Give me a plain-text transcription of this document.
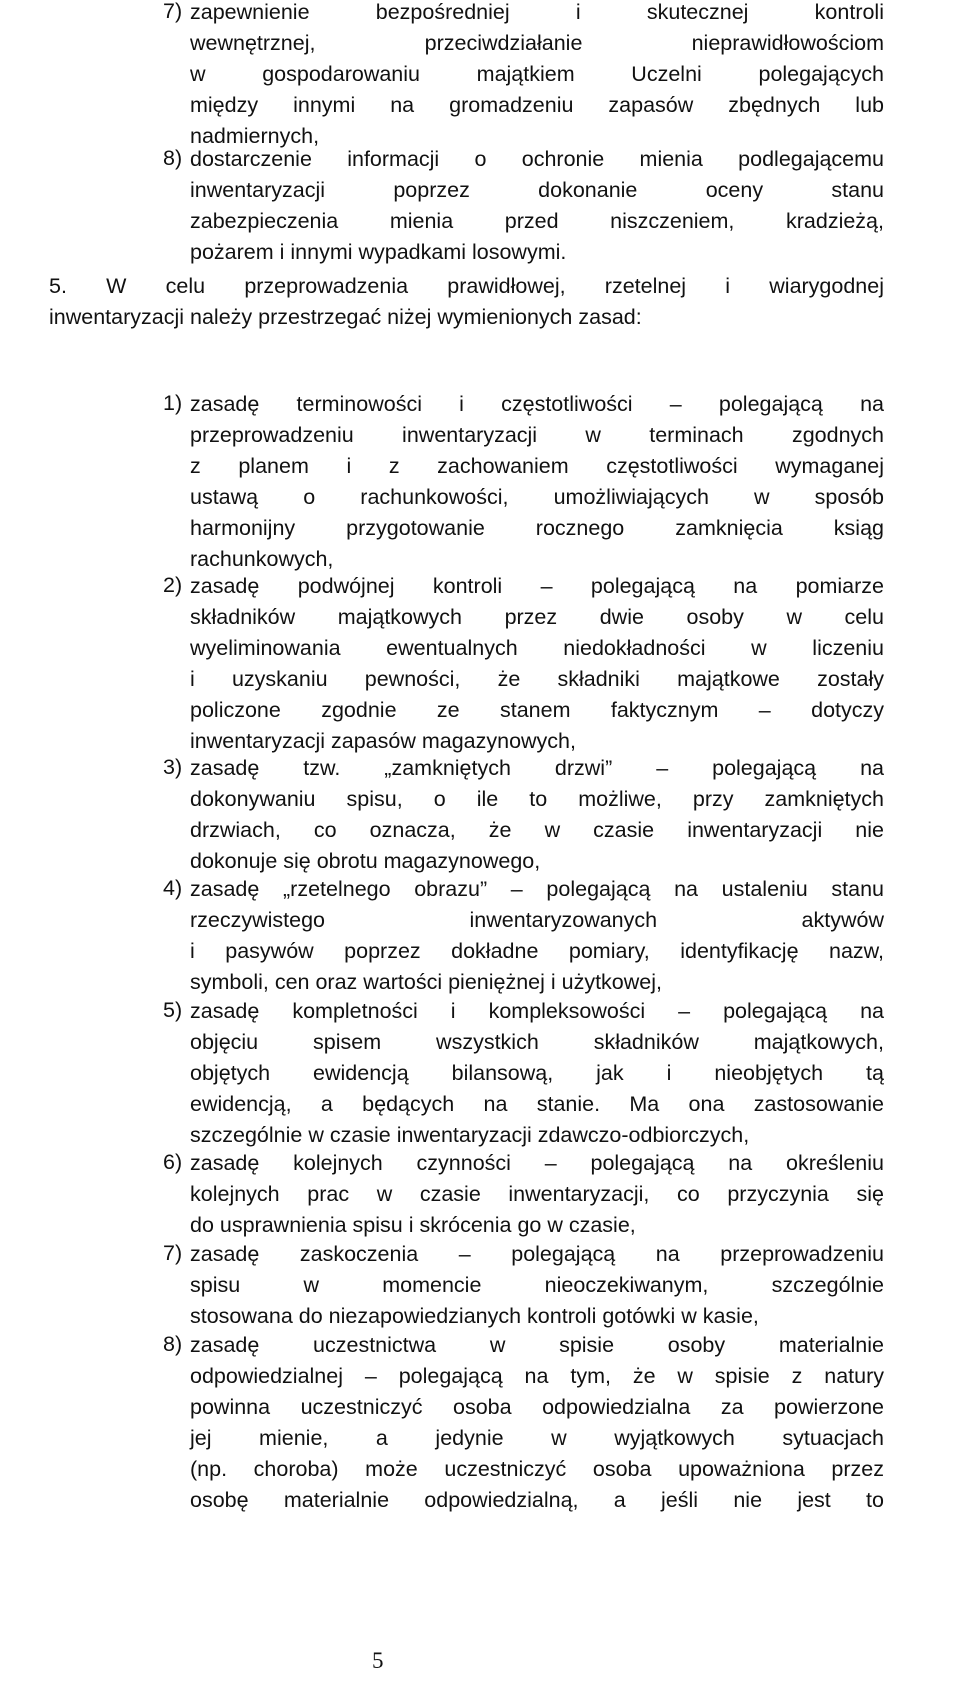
7) zapewnienie bezpośredniej i skutecznej kontroli
wewnętrznej, przeciwdziałanie nieprawidłowościom
w gospodarowaniu majątkiem Uczelni polegających
między innymi na gromadzeniu zapasów zbędnych lub
nadmiernych,
8) dostarczenie informacji o ochronie mienia podlegającemu
inwentaryzacji poprzez dokonanie oceny stanu
zabezpieczenia mienia przed niszczeniem, kradzieżą,
pożarem i innymi wypadkami losowymi.
5. W celu przeprowadzenia prawidłowej, rzetelnej i wiarygodnej
inwentaryzacji należy przestrzegać niżej wymienionych zasad:
1) zasadę terminowości i częstotliwości – polegającą na
przeprowadzeniu inwentaryzacji w terminach zgodnych
z planem i z zachowaniem częstotliwości wymaganej
ustawą o rachunkowości, umożliwiających w sposób
harmonijny przygotowanie rocznego zamknięcia ksiąg
rachunkowych,
2) zasadę podwójnej kontroli – polegającą na pomiarze
składników majątkowych przez dwie osoby w celu
wyeliminowania ewentualnych niedokładności w liczeniu
i uzyskaniu pewności, że składniki majątkowe zostały
policzone zgodnie ze stanem faktycznym – dotyczy
inwentaryzacji zapasów magazynowych,
3) zasadę tzw. „zamkniętych drzwi” – polegającą na
dokonywaniu spisu, o ile to możliwe, przy zamkniętych
drzwiach, co oznacza, że w czasie inwentaryzacji nie
dokonuje się obrotu magazynowego,
4) zasadę „rzetelnego obrazu” – polegającą na ustaleniu stanu
rzeczywistego inwentaryzowanych aktywów
i pasywów poprzez dokładne pomiary, identyfikację nazw,
symboli, cen oraz wartości pieniężnej i użytkowej,
5) zasadę kompletności i kompleksowości – polegającą na
objęciu spisem wszystkich składników majątkowych,
objętych ewidencją bilansową, jak i nieobjętych tą
ewidencją, a będących na stanie. Ma ona zastosowanie
szczególnie w czasie inwentaryzacji zdawczo-odbiorczych,
6) zasadę kolejnych czynności – polegającą na określeniu
kolejnych prac w czasie inwentaryzacji, co przyczynia się
do usprawnienia spisu i skrócenia go w czasie,
7) zasadę zaskoczenia – polegającą na przeprowadzeniu
spisu w momencie nieoczekiwanym, szczególnie
stosowana do niezapowiedzianych kontroli gotówki w kasie,
8) zasadę uczestnictwa w spisie osoby materialnie
odpowiedzialnej – polegającą na tym, że w spisie z natury
powinna uczestniczyć osoba odpowiedzialna za powierzone
jej mienie, a jedynie w wyjątkowych sytuacjach
(np. choroba) może uczestniczyć osoba upoważniona przez
osobę materialnie odpowiedzialną, a jeśli nie jest to
5
